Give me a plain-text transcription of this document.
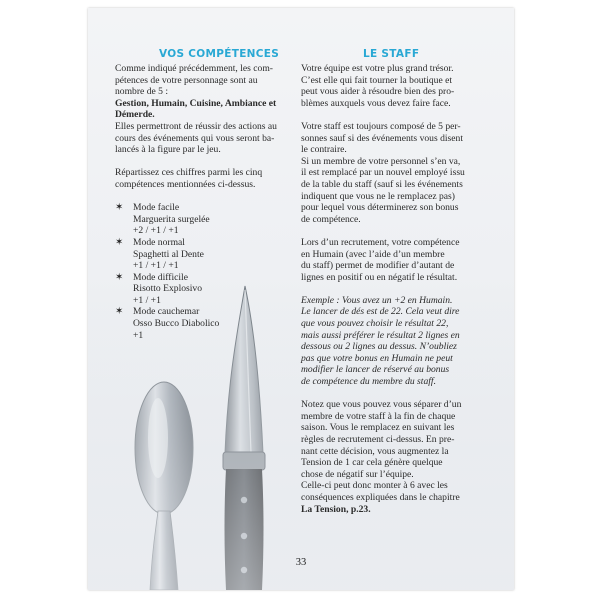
VOS COMPÉTENCES	LE STAFF

Comme indiqué précédemment, les com-
pétences de votre personnage sont au
nombre de 5 :

Gestion, Humain, Cuisine, Ambiance et
Démerde.

Elles permettront de réussir des actions au
cours des événements qui vous seront ba-
lancés à la figure par le jeu.

Répartissez ces chiffres parmi les cinq
compétences mentionnées ci-dessus.

✶ Mode facile
Marguerita surgelée
+2 / +1 / +1
✶ Mode normal
Spaghetti al Dente
+1 / +1 / +1
✶ Mode difficile
Risotto Explosivo
+1 / +1
✶ Mode cauchemar
Osso Bucco Diabolico
+1

Votre équipe est votre plus grand trésor.
C’est elle qui fait tourner la boutique et
peut vous aider à résoudre bien des pro-
blèmes auxquels vous devez faire face.

Votre staff est toujours composé de 5 per-
sonnes sauf si des événements vous disent
le contraire.

Si un membre de votre personnel s’en va,
il est remplacé par un nouvel employé issu
de la table du staff (sauf si les événements
indiquent que vous ne le remplacez pas)
pour lequel vous déterminerez son bonus
de compétence.

Lors d’un recrutement, votre compétence
en Humain (avec l’aide d’un membre
du staff) permet de modifier d’autant de
lignes en positif ou en négatif le résultat.

Exemple : Vous avez un +2 en Humain.
Le lancer de dés est de 22. Cela veut dire
que vous pouvez choisir le résultat 22,
mais aussi préférer le résultat 2 lignes en
dessous ou 2 lignes au dessus. N’oubliez
pas que votre bonus en Humain ne peut
modifier le lancer de réservé au bonus
de compétence du membre du staff.

Notez que vous pouvez vous séparer d’un
membre de votre staff à la fin de chaque
saison. Vous le remplacez en suivant les
règles de recrutement ci-dessus. En pre-
nant cette décision, vous augmentez la
Tension de 1 car cela génère quelque
chose de négatif sur l’équipe.

Celle-ci peut donc monter à 6 avec les
conséquences expliquées dans le chapitre
La Tension, p.23.

33
